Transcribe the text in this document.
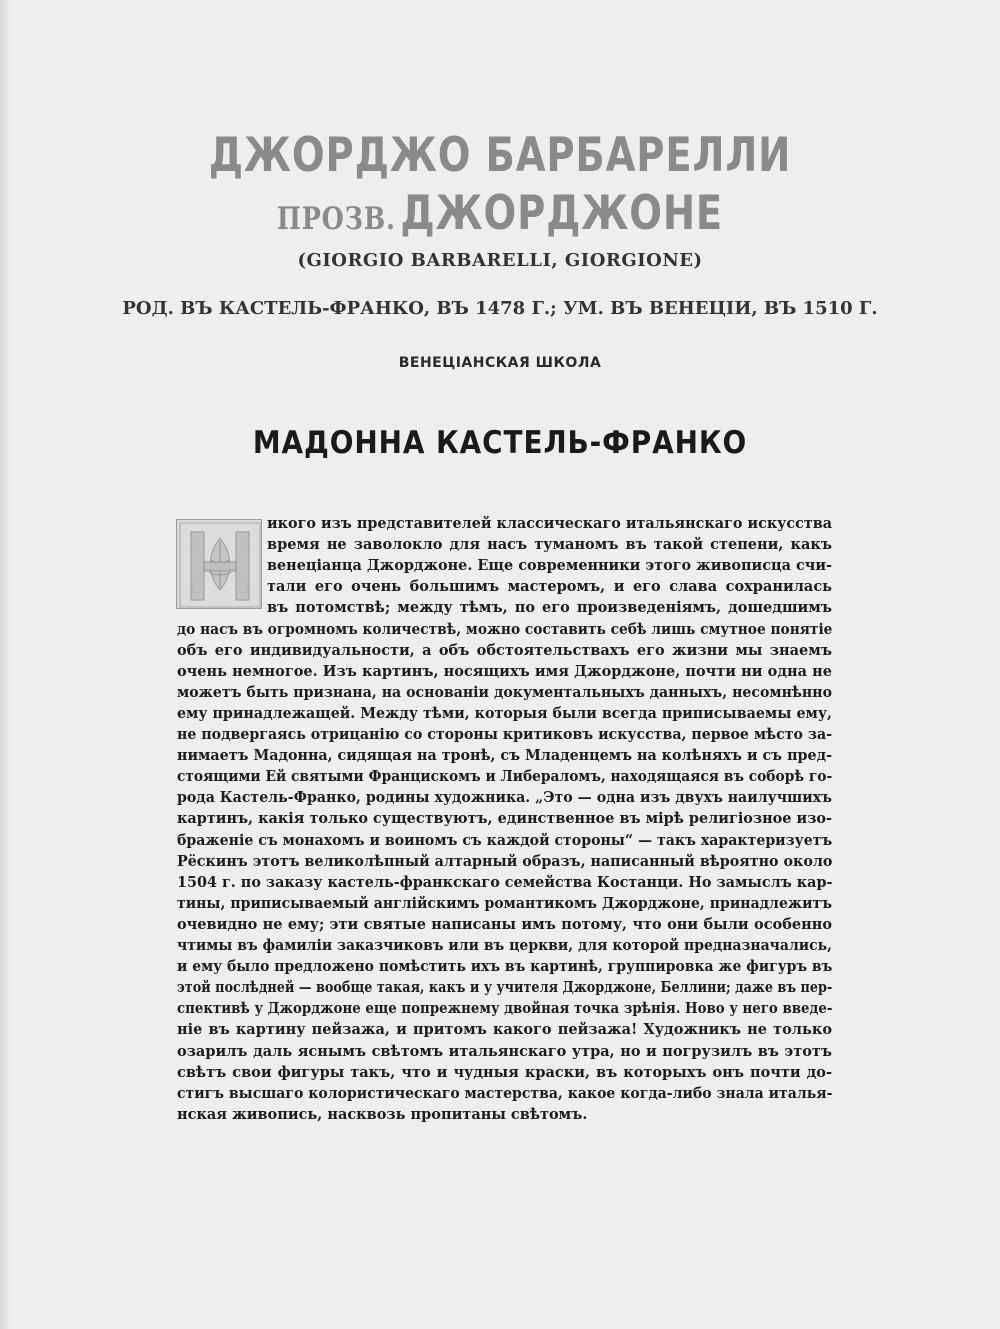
ДЖОРДЖО БАРБАРЕЛЛИ
ПРОЗВ. ДЖОРДЖОНЕ
(GIORGIO BARBARELLI, GIORGIONE)
РОД. ВЪ КАСТЕЛЬ-ФРАНКО, ВЪ 1478 Г.; УМ. ВЪ ВЕНЕЦІИ, ВЪ 1510 Г.
ВЕНЕЦІАНСКАЯ ШКОЛА
МАДОННА КАСТЕЛЬ-ФРАНКО
икого изъ представителей классическаго итальянскаго искусства
время не заволокло для насъ туманомъ въ такой степени, какъ
венеціанца Джорджоне. Еще современники этого живописца счи-
тали его очень большимъ мастеромъ, и его слава сохранилась
въ потомствѣ; между тѣмъ, по его произведеніямъ, дошедшимъ
до насъ въ огромномъ количествѣ, можно составить себѣ лишь смутное понятіе
объ его индивидуальности, а объ обстоятельствахъ его жизни мы знаемъ
очень немногое. Изъ картинъ, носящихъ имя Джорджоне, почти ни одна не
можетъ быть признана, на основаніи документальныхъ данныхъ, несомнѣнно
ему принадлежащей. Между тѣми, которыя были всегда приписываемы ему,
не подвергаясь отрицанію со стороны критиковъ искусства, первое мѣсто за-
нимаетъ Мадонна, сидящая на тронѣ, съ Младенцемъ на колѣняхъ и съ пред-
стоящими Ей святыми Францискомъ и Либераломъ, находящаяся въ соборѣ го-
рода Кастель-Франко, родины художника. „Это — одна изъ двухъ наилучшихъ
картинъ, какія только существуютъ, единственное въ мірѣ религіозное изо-
браженіе съ монахомъ и воиномъ съ каждой стороны“ — такъ характеризуетъ
Рёскинъ этотъ великолѣпный алтарный образъ, написанный вѣроятно около
1504 г. по заказу кастель-франкскаго семейства Костанци. Но замыслъ кар-
тины, приписываемый англійскимъ романтикомъ Джорджоне, принадлежитъ
очевидно не ему; эти святые написаны имъ потому, что они были особенно
чтимы въ фамиліи заказчиковъ или въ церкви, для которой предназначались,
и ему было предложено помѣстить ихъ въ картинѣ, группировка же фигуръ въ
этой послѣдней — вообще такая, какъ и у учителя Джорджоне, Беллини; даже въ пер-
спективѣ у Джорджоне еще попрежнему двойная точка зрѣнія. Ново у него введе-
ніе въ картину пейзажа, и притомъ какого пейзажа! Художникъ не только
озарилъ даль яснымъ свѣтомъ итальянскаго утра, но и погрузилъ въ этотъ
свѣтъ свои фигуры такъ, что и чудныя краски, въ которыхъ онъ почти до-
стигъ высшаго колористическаго мастерства, какое когда-либо знала италья-
нская живопись, насквозь пропитаны свѣтомъ.
